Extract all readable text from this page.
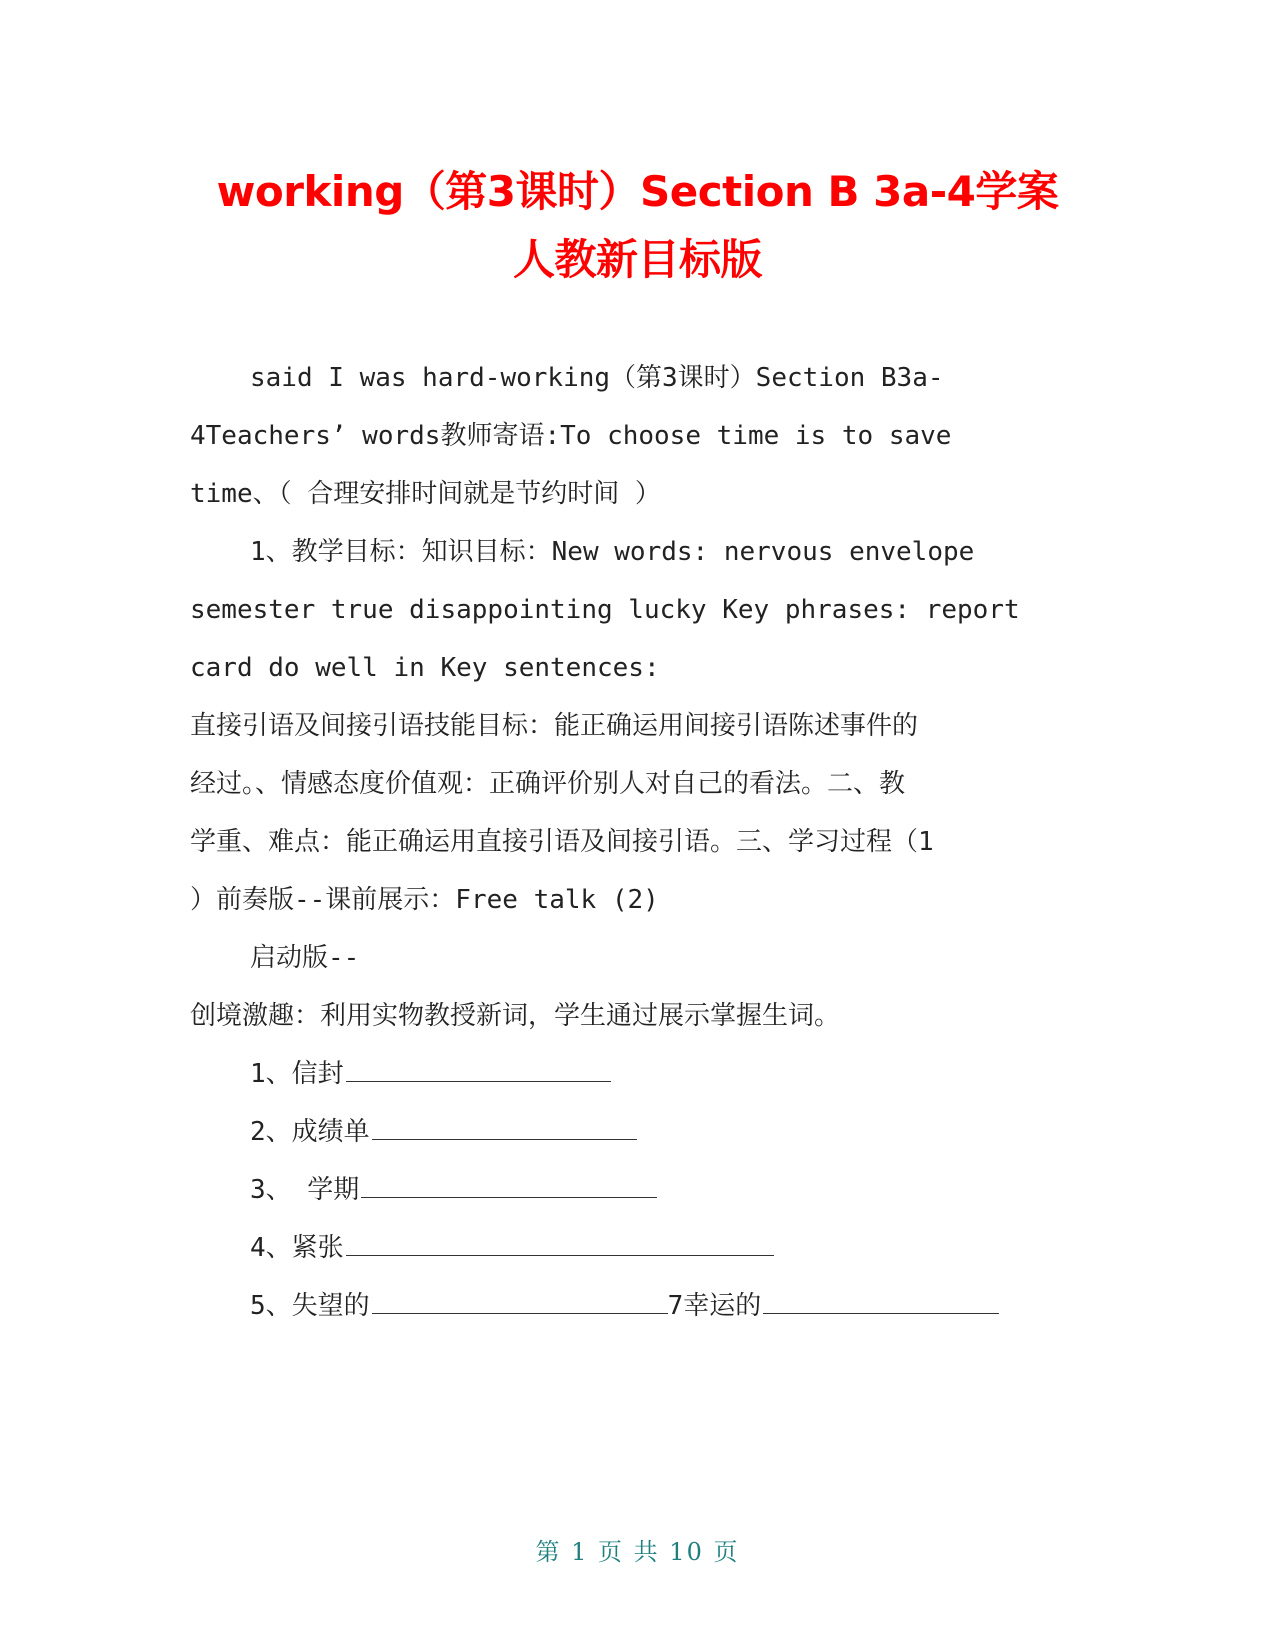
working（第3课时）Section B 3a-4学案
人教新目标版
said I was hard-working（第3课时）Section B3a-
4Teachers’ words教师寄语:To choose time is to save
time、（ 合理安排时间就是节约时间 ）
1、教学目标：知识目标：New words: nervous envelope
semester true disappointing lucky Key phrases: report
card do well in Key sentences:
直接引语及间接引语技能目标：能正确运用间接引语陈述事件的
经过。、情感态度价值观：正确评价别人对自己的看法。二、教
学重、难点：能正确运用直接引语及间接引语。三、学习过程（1
）前奏版--课前展示：Free talk (2)
启动版--
创境激趣：利用实物教授新词，学生通过展示掌握生词。
1、信封
2、成绩单
3、 学期
4、紧张
5、失望的	7幸运的
第 1 页 共 10 页
